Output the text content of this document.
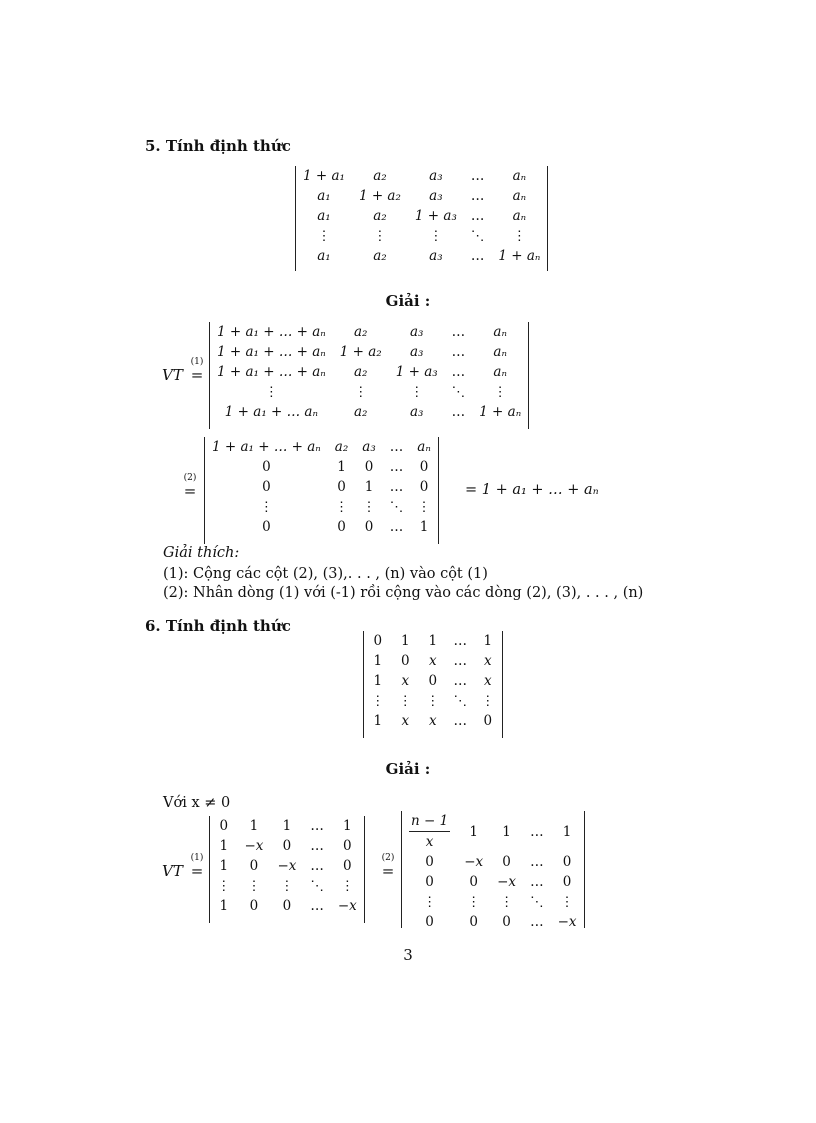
5. Tính định thức
1 + a₁	a₂	a₃	…	aₙ
a₁	1 + a₂	a₃	…	aₙ
a₁	a₂	1 + a₃	…	aₙ
⋮	⋮	⋮	⋱	⋮
a₁	a₂	a₃	…	1 + aₙ
Giải :
VT
(1)
=
1 + a₁ + … + aₙ	a₂	a₃	…	aₙ
1 + a₁ + … + aₙ	1 + a₂	a₃	…	aₙ
1 + a₁ + … + aₙ	a₂	1 + a₃	…	aₙ
⋮	⋮	⋮	⋱	⋮
1 + a₁ + … aₙ	a₂	a₃	…	1 + aₙ
(2)
=
1 + a₁ + … + aₙ	a₂	a₃	…	aₙ
0	1	0	…	0
0	0	1	…	0
⋮	⋮	⋮	⋱	⋮
0	0	0	…	1
= 1 + a₁ + … + aₙ
Giải thích:
(1): Cộng các cột (2), (3),. . . , (n) vào cột (1)
(2): Nhân dòng (1) với (-1) rồi cộng vào các dòng (2), (3), . . . , (n)
6. Tính định thức
0	1	1	…	1
1	0	x	…	x
1	x	0	…	x
⋮	⋮	⋮	⋱	⋮
1	x	x	…	0
Giải :
Với x ≠ 0
VT
(1)
=
0	1	1	…	1
1	−x	0	…	0
1	0	−x	…	0
⋮	⋮	⋮	⋱	⋮
1	0	0	…	−x
(2)
=
$\frac{n - 1}{x}$	1	1	…	1
0	−x	0	…	0
0	0	−x	…	0
⋮	⋮	⋮	⋱	⋮
0	0	0	…	−x
3
